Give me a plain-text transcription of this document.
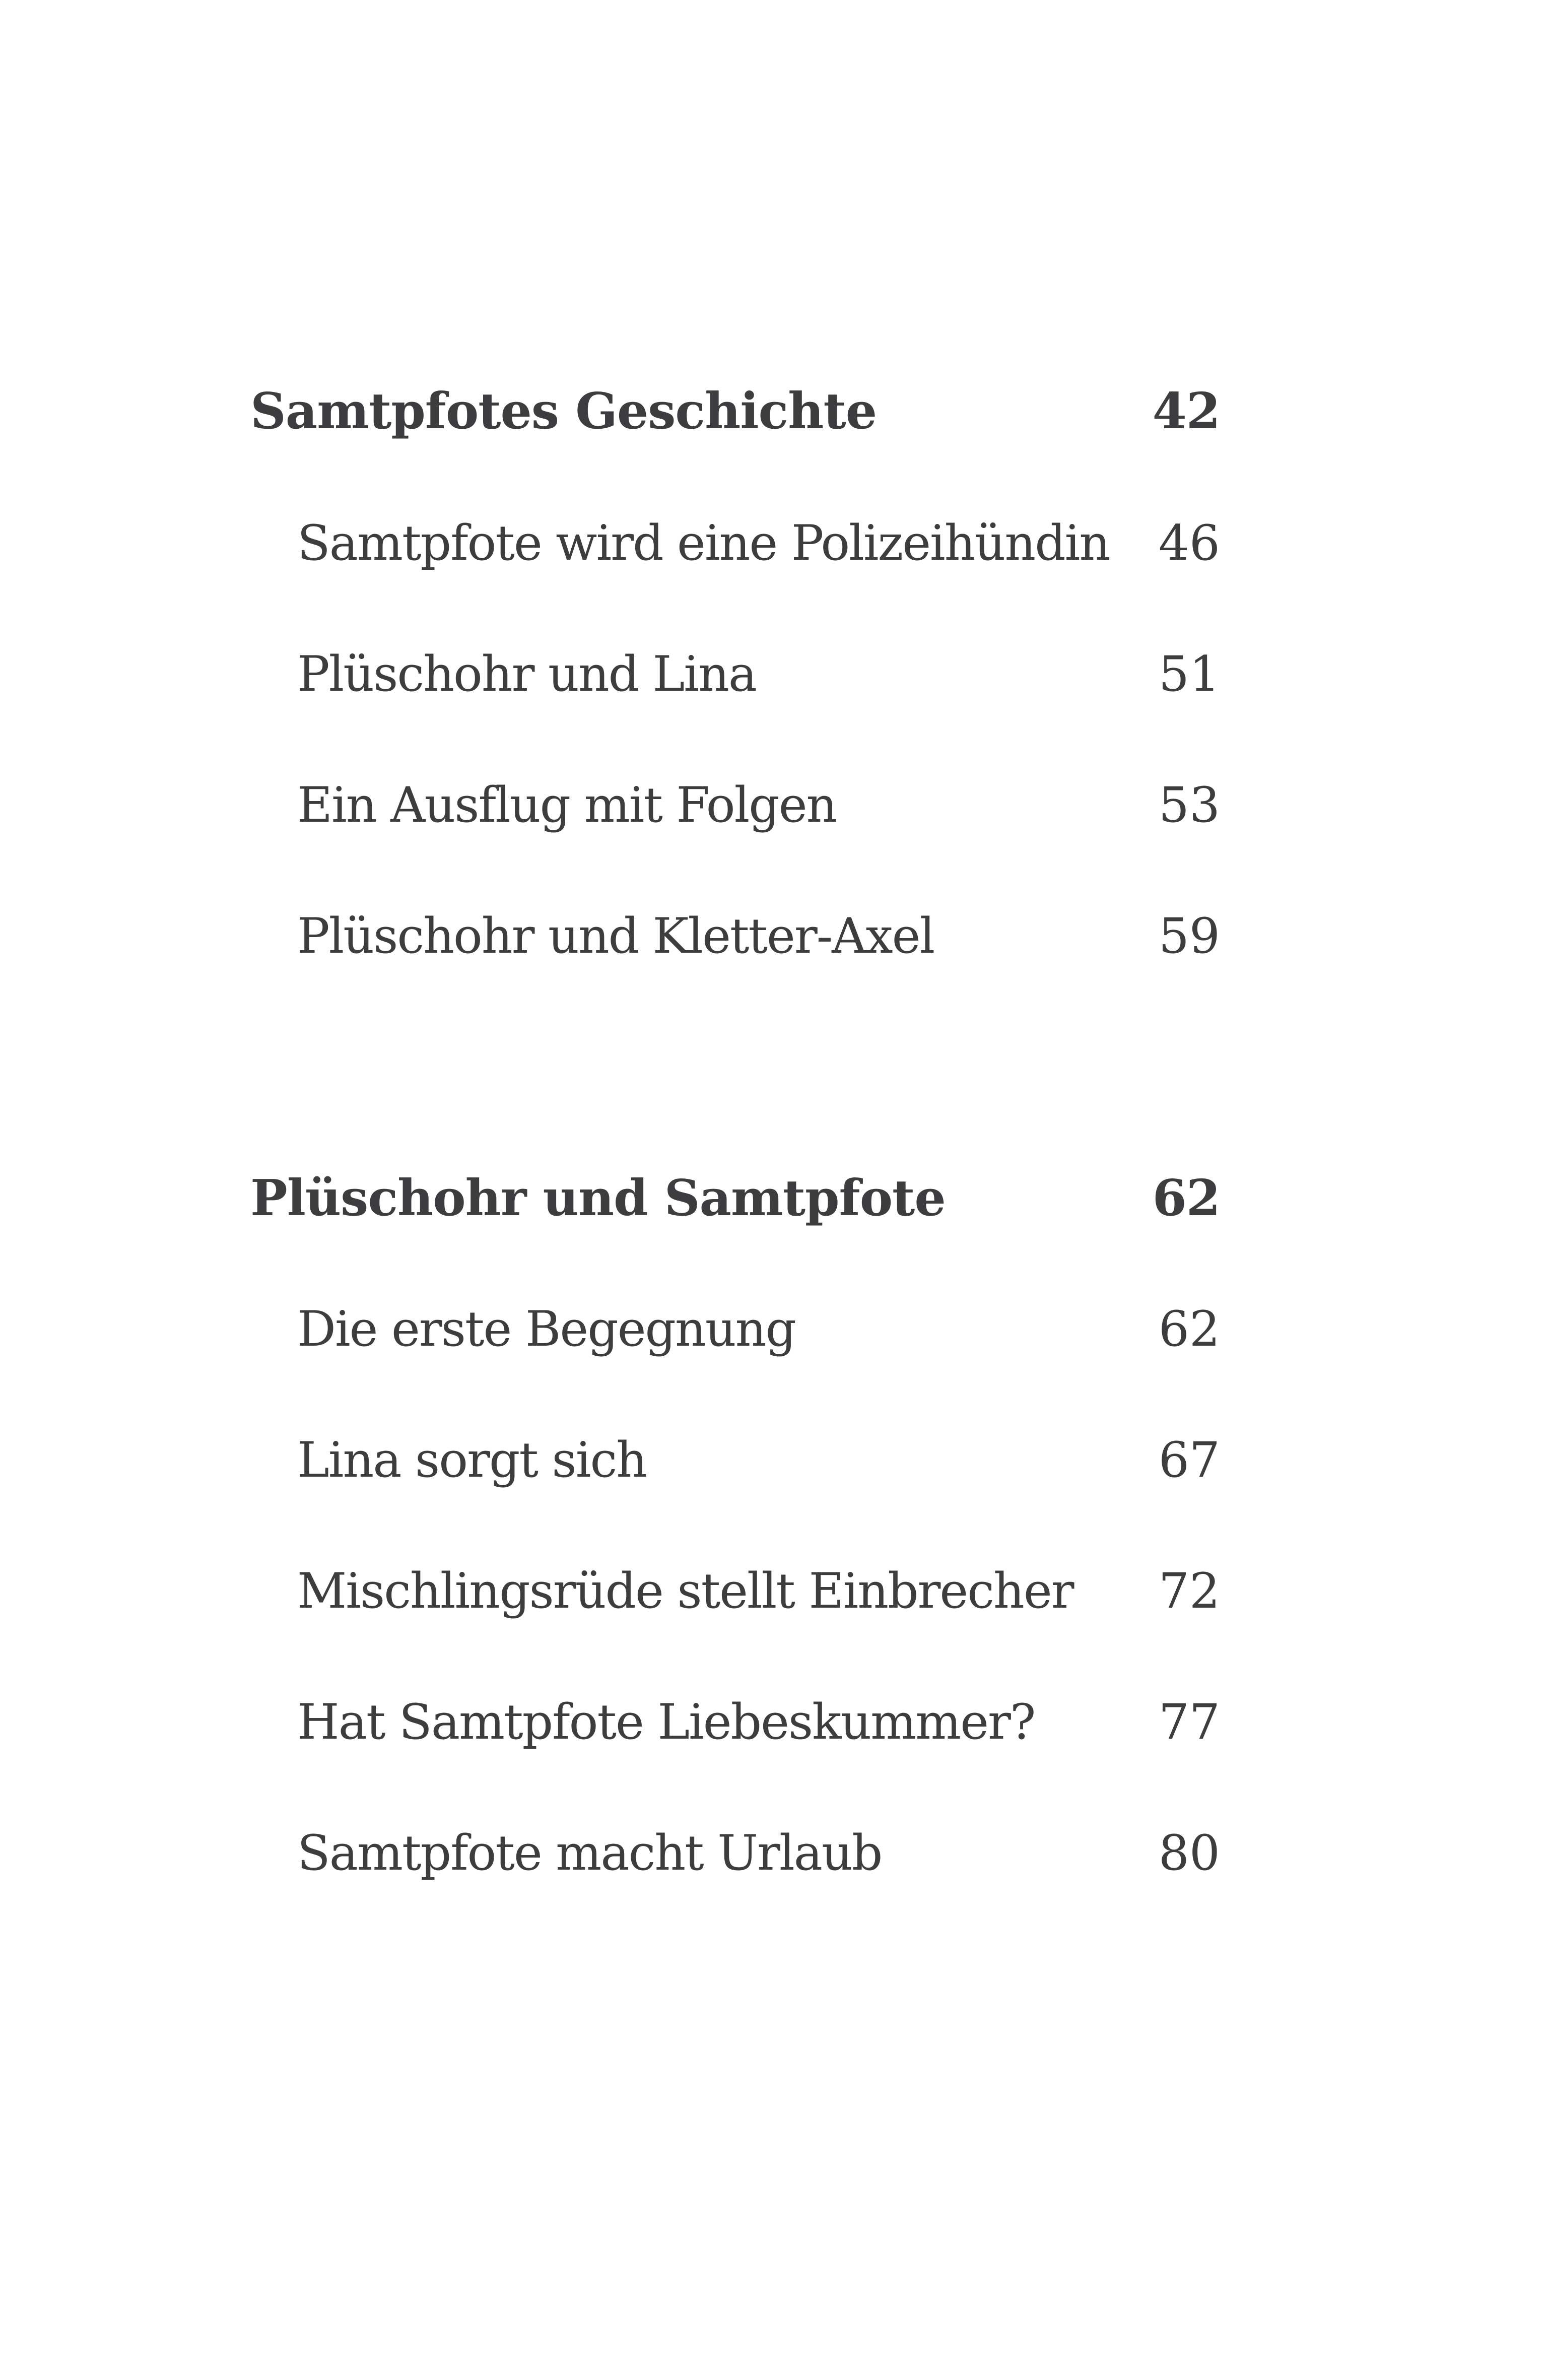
Samtpfotes Geschichte	42
Samtpfote wird eine Polizeihündin 46
Plüschohr und Lina	51
Ein Ausflug mit Folgen	53
Plüschohr und Kletter-Axel	59
Plüschohr und Samtpfote	62
Die erste Begegnung	62
Lina sorgt sich	67
Mischlingsrüde stellt Einbrecher 72
Hat Samtpfote Liebeskummer?	77
Samtpfote macht Urlaub	80
